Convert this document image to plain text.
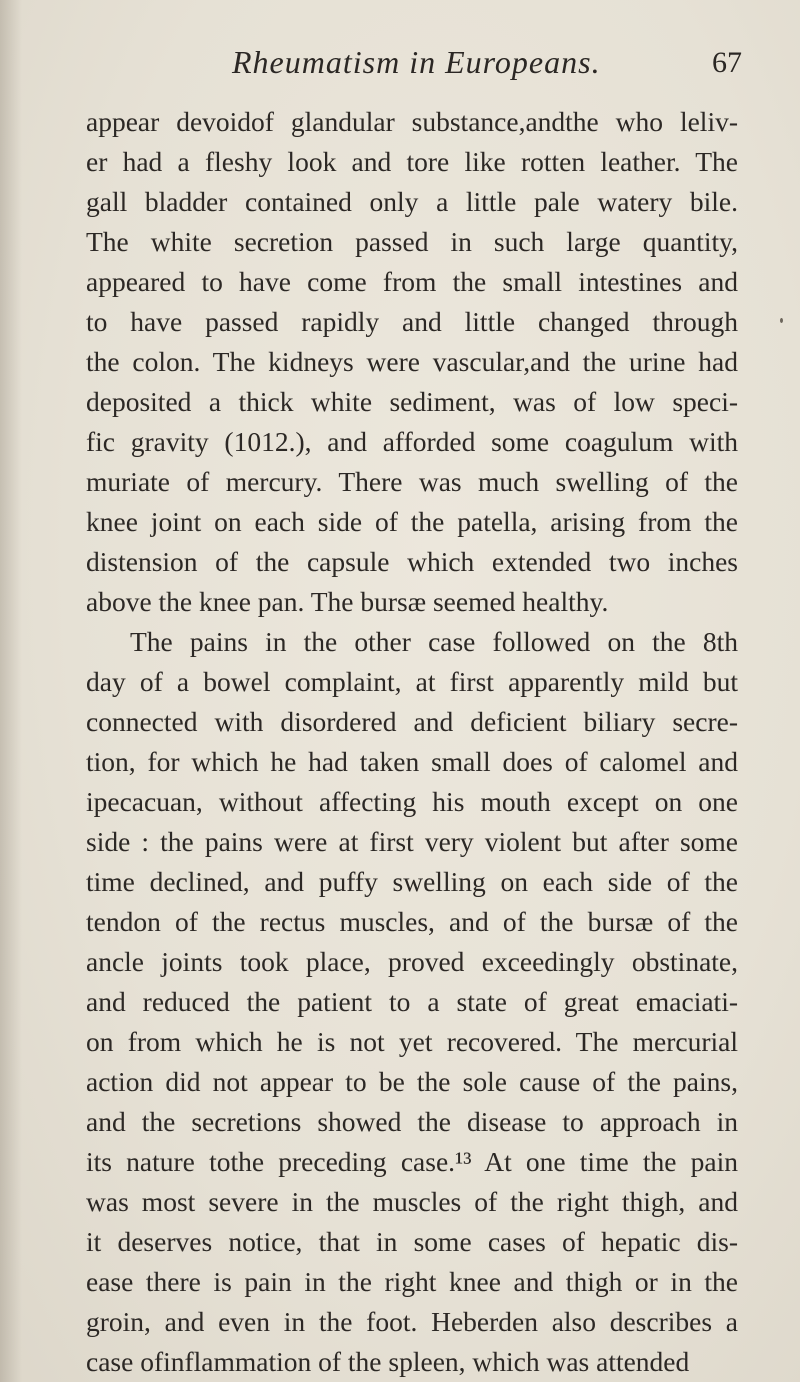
Rheumatism in Europeans.	67
appear devoidof glandular substance,andthe who leliv-
er had a fleshy look and tore like rotten leather. The
gall bladder contained only a little pale watery bile.
The white secretion passed in such large quantity,
appeared to have come from the small intestines and
to have passed rapidly and little changed through
the colon. The kidneys were vascular,and the urine had
deposited a thick white sediment, was of low speci-
fic gravity (1012.), and afforded some coagulum with
muriate of mercury. There was much swelling of the
knee joint on each side of the patella, arising from the
distension of the capsule which extended two inches
above the knee pan. The bursæ seemed healthy.
The pains in the other case followed on the 8th
day of a bowel complaint, at first apparently mild but
connected with disordered and deficient biliary secre-
tion, for which he had taken small does of calomel and
ipecacuan, without affecting his mouth except on one
side : the pains were at first very violent but after some
time declined, and puffy swelling on each side of the
tendon of the rectus muscles, and of the bursæ of the
ancle joints took place, proved exceedingly obstinate,
and reduced the patient to a state of great emaciati-
on from which he is not yet recovered. The mercurial
action did not appear to be the sole cause of the pains,
and the secretions showed the disease to approach in
its nature tothe preceding case.¹³ At one time the pain
was most severe in the muscles of the right thigh, and
it deserves notice, that in some cases of hepatic dis-
ease there is pain in the right knee and thigh or in the
groin, and even in the foot. Heberden also describes a
case ofinflammation of the spleen, which was attended
